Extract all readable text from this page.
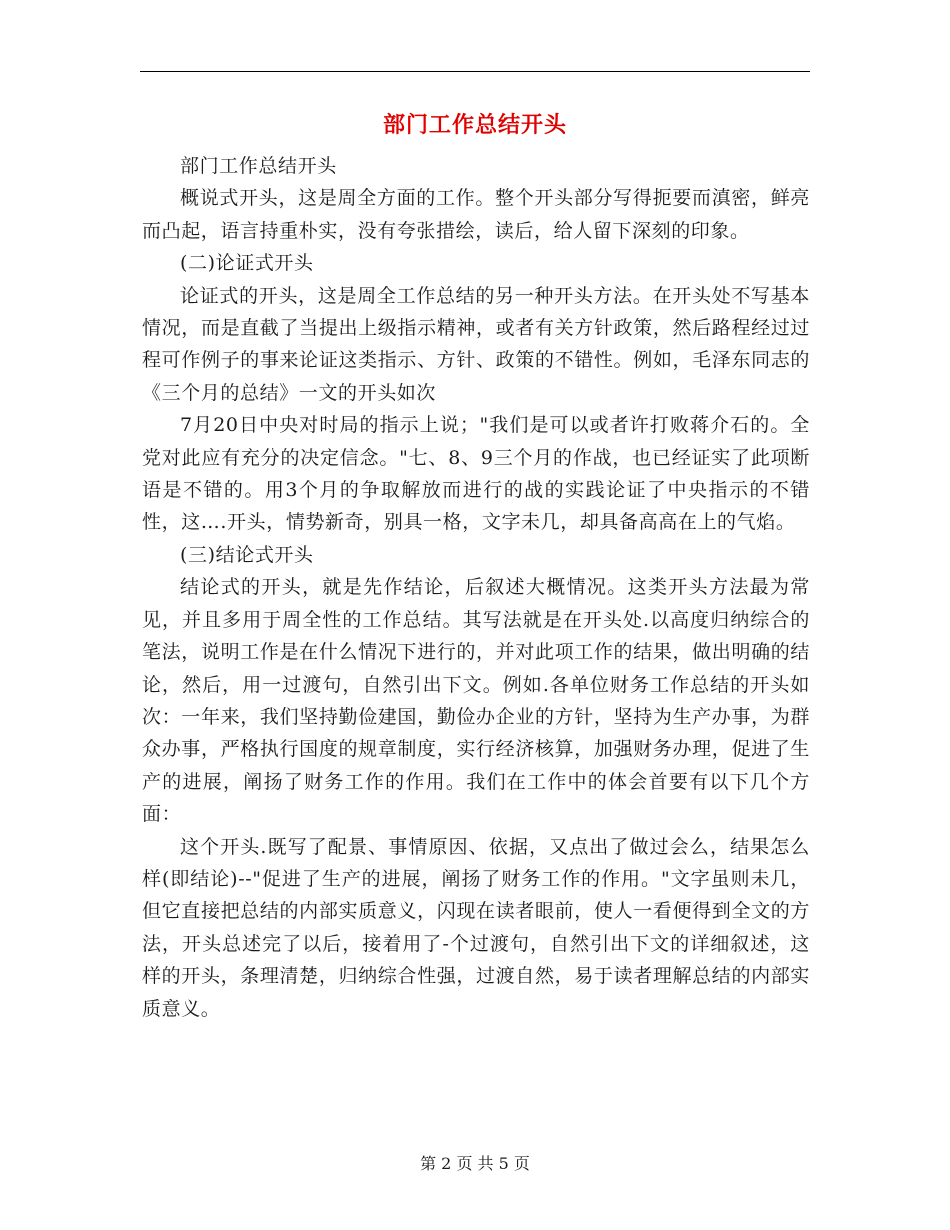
部门工作总结开头

部门工作总结开头

概说式开头，这是周全方面的工作。整个开头部分写得扼要而滇密，鲜亮而凸起，语言持重朴实，没有夸张措绘，读后，给人留下深刻的印象。

(二)论证式开头

论证式的开头，这是周全工作总结的另一种开头方法。在开头处不写基本情况，而是直截了当提出上级指示精神，或者有关方针政策，然后路程经过过程可作例子的事来论证这类指示、方针、政策的不错性。例如，毛泽东同志的《三个月的总结》一文的开头如次

7月20日中央对时局的指示上说；"我们是可以或者许打败蒋介石的。全党对此应有充分的决定信念。"七、8、9三个月的作战，也已经证实了此项断语是不错的。用3个月的争取解放而进行的战的实践论证了中央指示的不错性，这….开头，情势新奇，别具一格，文字未几，却具备高高在上的气焰。

(三)结论式开头

结论式的开头，就是先作结论，后叙述大概情况。这类开头方法最为常见，并且多用于周全性的工作总结。其写法就是在开头处.以高度归纳综合的笔法，说明工作是在什么情况下进行的，并对此项工作的结果，做出明确的结论，然后，用一过渡句，自然引出下文。例如.各单位财务工作总结的开头如次：一年来，我们坚持勤俭建国，勤俭办企业的方针，坚持为生产办事，为群众办事，严格执行国度的规章制度，实行经济核算，加强财务办理，促进了生产的进展，阐扬了财务工作的作用。我们在工作中的体会首要有以下几个方面：

这个开头.既写了配景、事情原因、依据，又点出了做过会么，结果怎么样(即结论)--"促进了生产的进展，阐扬了财务工作的作用。"文字虽则未几，但它直接把总结的内部实质意义，闪现在读者眼前，使人一看便得到全文的方法，开头总述完了以后，接着用了-个过渡句，自然引出下文的详细叙述，这样的开头，条理清楚，归纳综合性强，过渡自然，易于读者理解总结的内部实质意义。

第 2 页 共 5 页
